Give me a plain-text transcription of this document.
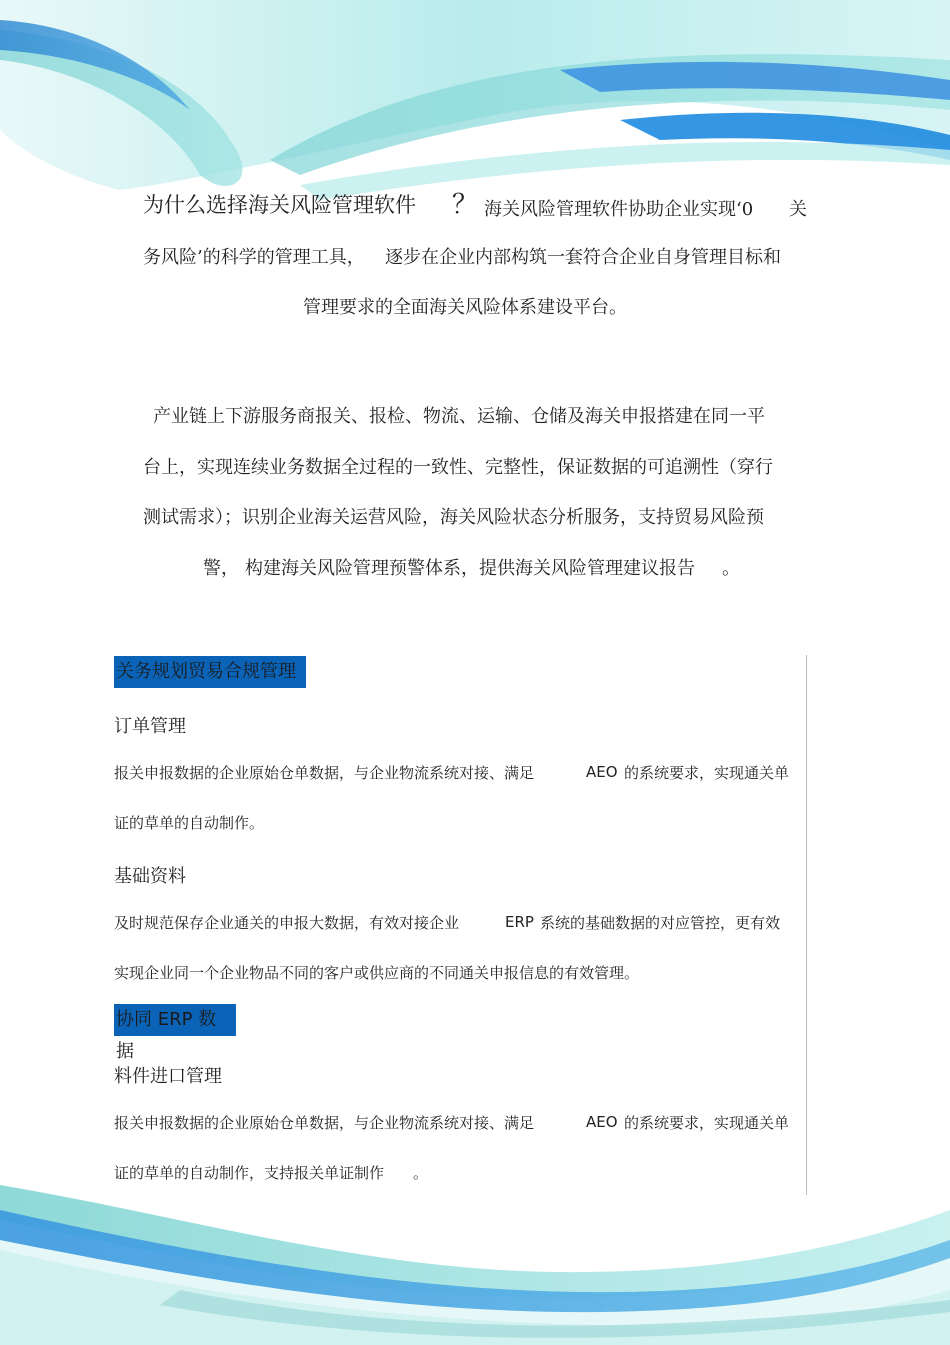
为什么选择海关风险管理软件 ？ 海关风险管理软件协助企业实现‘0 关
务风险’的科学的管理工具， 逐步在企业内部构筑一套符合企业自身管理目标和
管理要求的全面海关风险体系建设平台。
产业链上下游服务商报关、报检、物流、运输、仓储及海关申报搭建在同一平
台上，实现连续业务数据全过程的一致性、完整性，保证数据的可追溯性（穿行
测试需求）；识别企业海关运营风险，海关风险状态分析服务，支持贸易风险预
警， 构建海关风险管理预警体系，提供海关风险管理建议报告 。
关务规划贸易合规管理
订单管理
报关申报数据的企业原始仓单数据，与企业物流系统对接、满足	AEO 的系统要求，实现通关单
证的草单的自动制作。
基础资料
及时规范保存企业通关的申报大数据，有效对接企业	ERP 系统的基础数据的对应管控，更有效
实现企业同一个企业物品不同的客户或供应商的不同通关申报信息的有效管理。
协同 ERP 数据
料件进口管理
报关申报数据的企业原始仓单数据，与企业物流系统对接、满足	AEO 的系统要求，实现通关单
证的草单的自动制作，支持报关单证制作 。
